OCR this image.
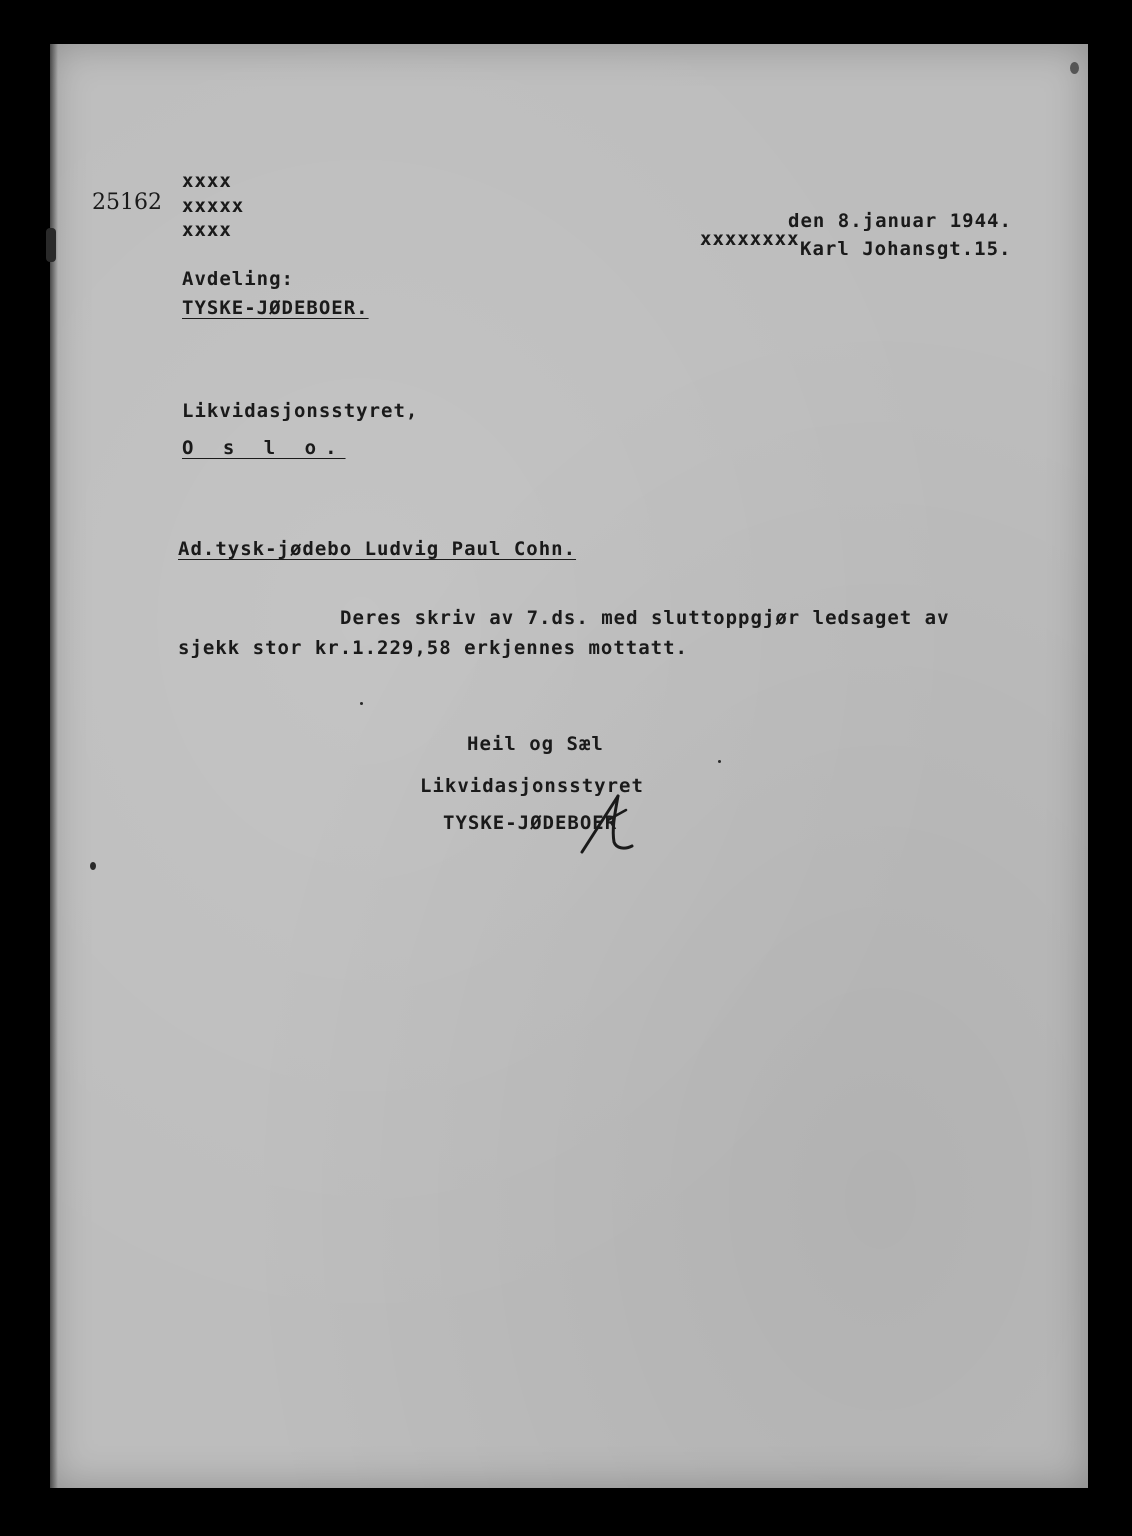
25162
xxxx
xxxxx
xxxx	den 8.januar 1944.
xxxxxxxx Karl Johansgt.15.
Avdeling:
TYSKE-JØDEBOER.
Likvidasjonsstyret,
O s l o.
Ad.tysk-jødebo Ludvig Paul Cohn.
Deres skriv av 7.ds. med sluttoppgjør ledsaget av
sjekk stor kr.1.229,58 erkjennes mottatt.
Heil og Sæl
Likvidasjonsstyret
TYSKE-JØDEBOER
